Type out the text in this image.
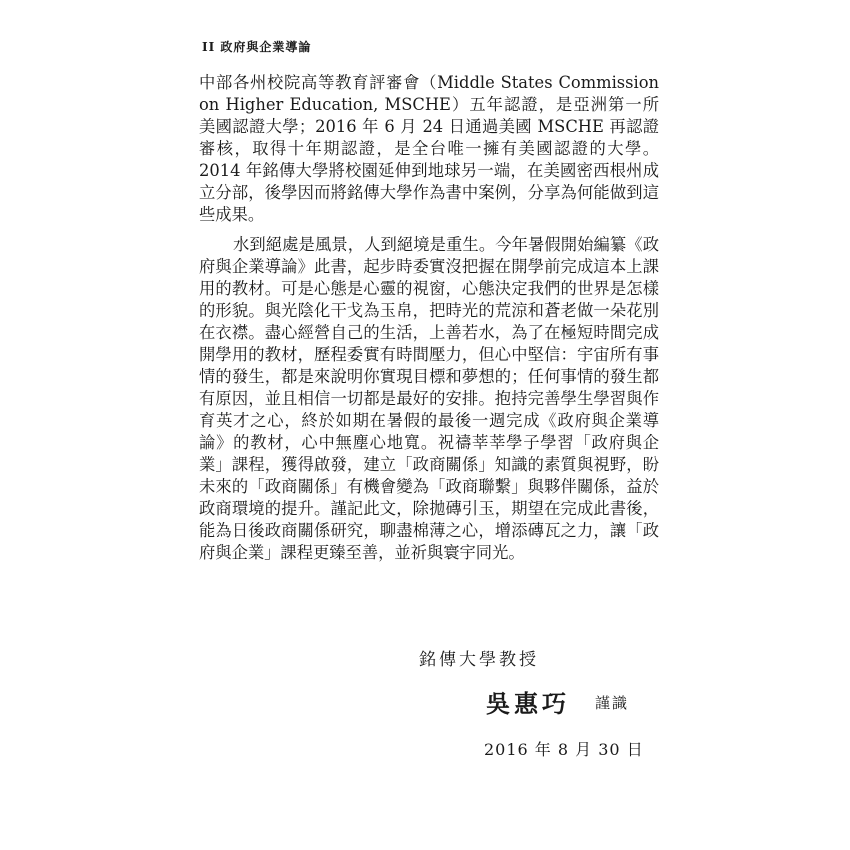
II 政府與企業導論

中部各州校院高等教育評審會（Middle States Commission on Higher Education, MSCHE）五年認證，是亞洲第一所美國認證大學；2016 年 6 月 24 日通過美國 MSCHE 再認證審核，取得十年期認證，是全台唯一擁有美國認證的大學。2014 年銘傳大學將校園延伸到地球另一端，在美國密西根州成立分部，後學因而將銘傳大學作為書中案例，分享為何能做到這些成果。

水到絕處是風景，人到絕境是重生。今年暑假開始編纂《政府與企業導論》此書，起步時委實沒把握在開學前完成這本上課用的教材。可是心態是心靈的視窗，心態決定我們的世界是怎樣的形貌。與光陰化干戈為玉帛，把時光的荒涼和蒼老做一朵花別在衣襟。盡心經營自己的生活，上善若水，為了在極短時間完成開學用的教材，歷程委實有時間壓力，但心中堅信：宇宙所有事情的發生，都是來說明你實現目標和夢想的；任何事情的發生都有原因，並且相信一切都是最好的安排。抱持完善學生學習與作育英才之心，終於如期在暑假的最後一週完成《政府與企業導論》的教材，心中無塵心地寬。祝禱莘莘學子學習「政府與企業」課程，獲得啟發，建立「政商關係」知識的素質與視野，盼未來的「政商關係」有機會變為「政商聯繫」與夥伴關係，益於政商環境的提升。謹記此文，除拋磚引玉，期望在完成此書後，能為日後政商關係研究，聊盡棉薄之心，增添磚瓦之力，讓「政府與企業」課程更臻至善，並祈與寰宇同光。

銘傳大學教授
吳惠巧 謹識
2016 年 8 月 30 日
